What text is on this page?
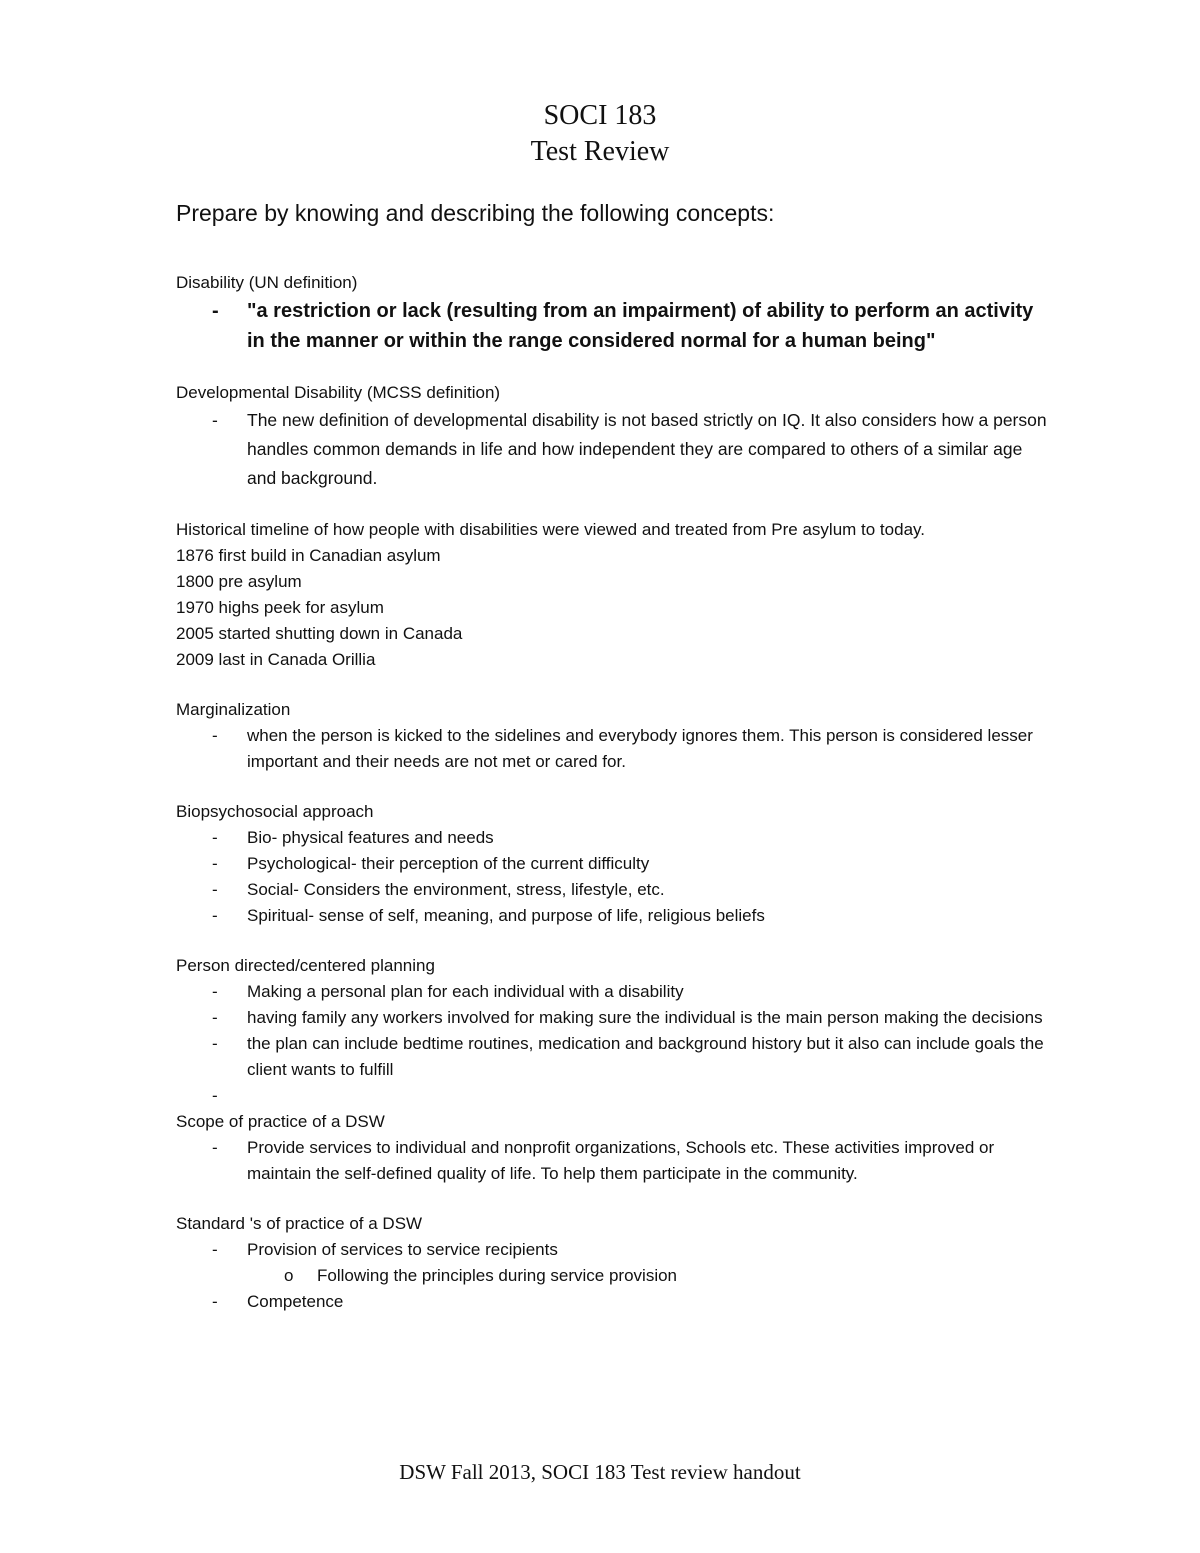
SOCI 183
Test Review

Prepare by knowing and describing the following concepts:

Disability (UN definition)

- "a restriction or lack (resulting from an impairment) of ability to perform an activity in the manner or within the range considered normal for a human being"

Developmental Disability (MCSS definition)

- The new definition of developmental disability is not based strictly on IQ. It also considers how a person handles common demands in life and how independent they are compared to others of a similar age and background.

Historical timeline of how people with disabilities were viewed and treated from Pre asylum to today.

1876 first build in Canadian asylum

1800 pre asylum

1970 highs peek for asylum

2005 started shutting down in Canada

2009 last in Canada Orillia

Marginalization

- when the person is kicked to the sidelines and everybody ignores them. This person is considered lesser important and their needs are not met or cared for.

Biopsychosocial approach

- Bio- physical features and needs

- Psychological- their perception of the current difficulty

- Social- Considers the environment, stress, lifestyle, etc.

- Spiritual- sense of self, meaning, and purpose of life, religious beliefs

Person directed/centered planning

- Making a personal plan for each individual with a disability

- having family any workers involved for making sure the individual is the main person making the decisions

- the plan can include bedtime routines, medication and background history but it also can include goals the client wants to fulfill

-

Scope of practice of a DSW

- Provide services to individual and nonprofit organizations, Schools etc. These activities improved or maintain the self-defined quality of life. To help them participate in the community.

Standard 's of practice of a DSW

- Provision of services to service recipients

o Following the principles during service provision

- Competence

DSW Fall 2013, SOCI 183 Test review handout
